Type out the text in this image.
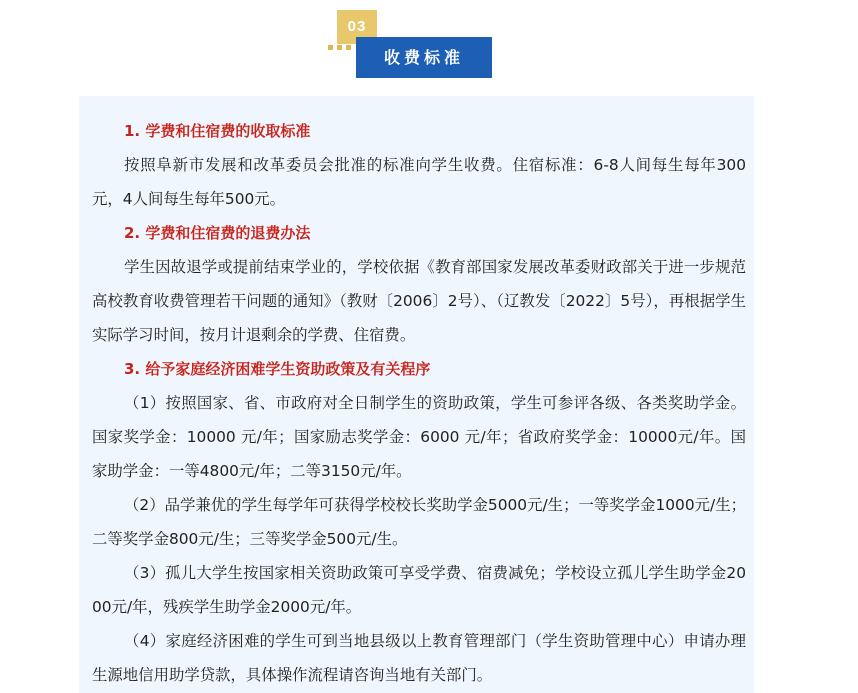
03
收费标准

1. 学费和住宿费的收取标准

按照阜新市发展和改革委员会批准的标准向学生收费。住宿标准：6-8人间每生每年300元，4人间每生每年500元。

2. 学费和住宿费的退费办法

学生因故退学或提前结束学业的，学校依据《教育部国家发展改革委财政部关于进一步规范高校教育收费管理若干问题的通知》（教财〔2006〕2号）、（辽教发〔2022〕5号），再根据学生实际学习时间，按月计退剩余的学费、住宿费。

3. 给予家庭经济困难学生资助政策及有关程序

（1）按照国家、省、市政府对全日制学生的资助政策，学生可参评各级、各类奖助学金。国家奖学金：10000 元/年；国家励志奖学金：6000 元/年；省政府奖学金：10000元/年。国家助学金：一等4800元/年；二等3150元/年。

（2）品学兼优的学生每学年可获得学校校长奖助学金5000元/生；一等奖学金1000元/生；二等奖学金800元/生；三等奖学金500元/生。

（3）孤儿大学生按国家相关资助政策可享受学费、宿费减免；学校设立孤儿学生助学金2000元/年，残疾学生助学金2000元/年。

（4）家庭经济困难的学生可到当地县级以上教育管理部门（学生资助管理中心）申请办理生源地信用助学贷款，具体操作流程请咨询当地有关部门。
